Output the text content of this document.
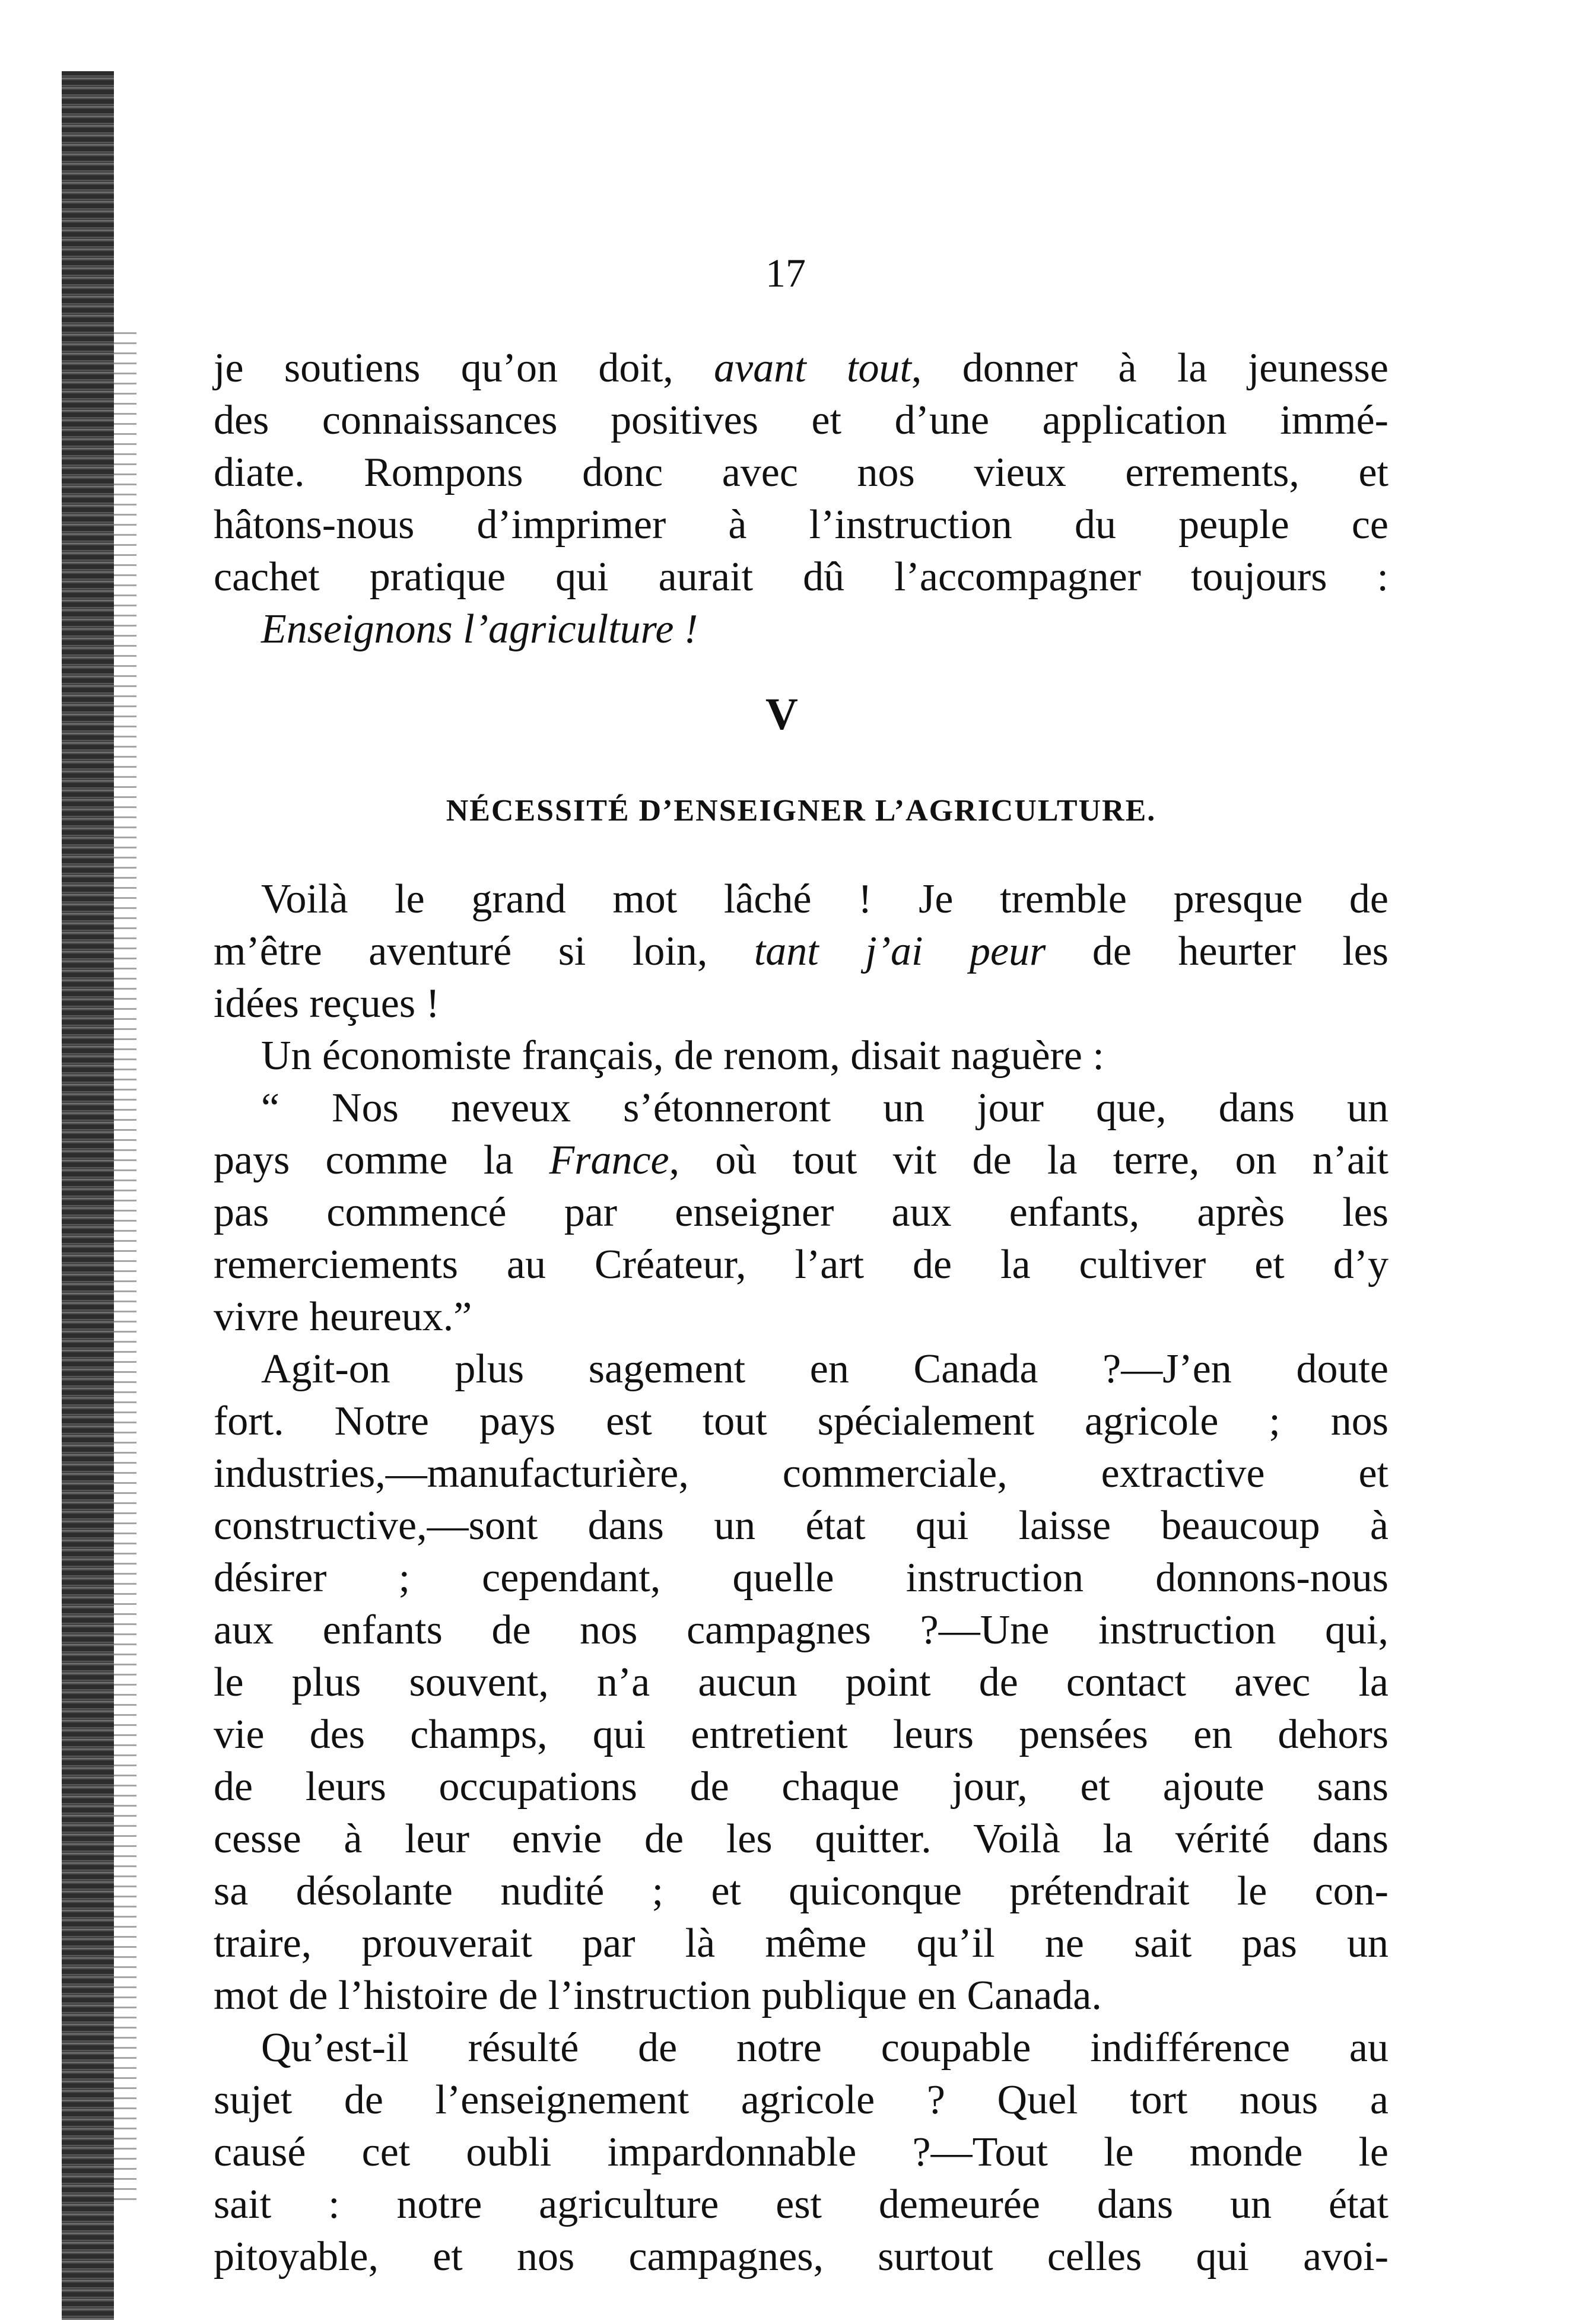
17
je soutiens qu’on doit, avant tout, donner à la jeunesse
des connaissances positives et d’une application immé-
diate. Rompons donc avec nos vieux errements, et
hâtons-nous d’imprimer à l’instruction du peuple ce
cachet pratique qui aurait dû l’accompagner toujours :
Enseignons l’agriculture !
V
NÉCESSITÉ D’ENSEIGNER L’AGRICULTURE.
Voilà le grand mot lâché ! Je tremble presque de
m’être aventuré si loin, tant j’ai peur de heurter les
idées reçues !
Un économiste français, de renom, disait naguère :
“ Nos neveux s’étonneront un jour que, dans un
pays comme la France, où tout vit de la terre, on n’ait
pas commencé par enseigner aux enfants, après les
remerciements au Créateur, l’art de la cultiver et d’y
vivre heureux.”
Agit-on plus sagement en Canada ?—J’en doute
fort. Notre pays est tout spécialement agricole ; nos
industries,—manufacturière, commerciale, extractive et
constructive,—sont dans un état qui laisse beaucoup à
désirer ; cependant, quelle instruction donnons-nous
aux enfants de nos campagnes ?—Une instruction qui,
le plus souvent, n’a aucun point de contact avec la
vie des champs, qui entretient leurs pensées en dehors
de leurs occupations de chaque jour, et ajoute sans
cesse à leur envie de les quitter. Voilà la vérité dans
sa désolante nudité ; et quiconque prétendrait le con-
traire, prouverait par là même qu’il ne sait pas un
mot de l’histoire de l’instruction publique en Canada.
Qu’est-il résulté de notre coupable indifférence au
sujet de l’enseignement agricole ? Quel tort nous a
causé cet oubli impardonnable ?—Tout le monde le
sait : notre agriculture est demeurée dans un état
pitoyable, et nos campagnes, surtout celles qui avoi-
